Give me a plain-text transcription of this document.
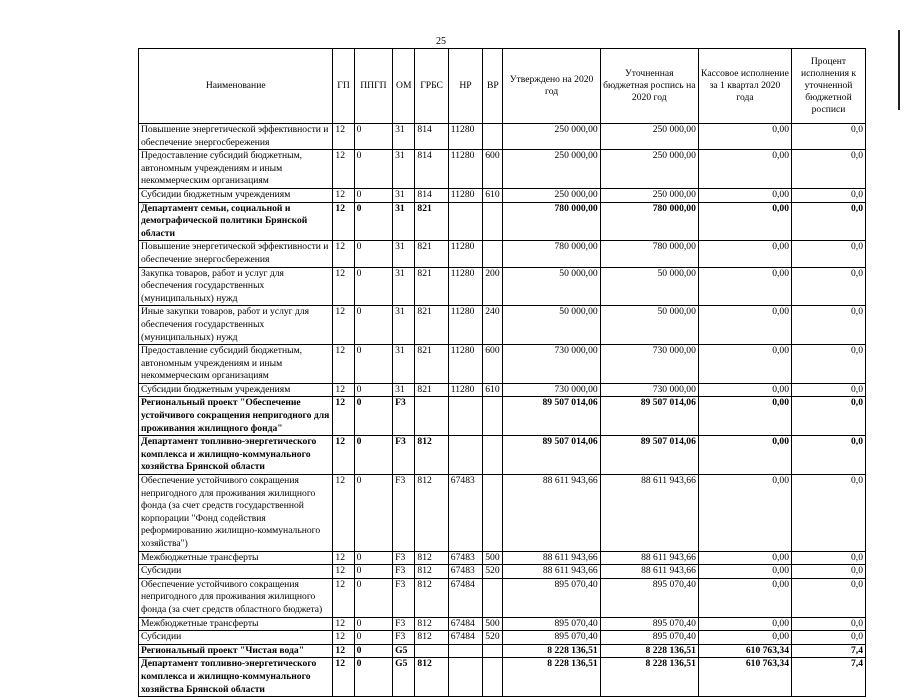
25
Наименование	ГП	ППГП	ОМ	ГРБС	НР	ВР	Утверждено на 2020 год	Уточненная бюджетная роспись на 2020 год	Кассовое исполнение за 1 квартал 2020 года	Процент исполнения к уточненной бюджетной росписи
Повышение энергетической эффективности и обеспечение энергосбережения	12	0	31	814	11280		250 000,00	250 000,00	0,00	0,0
Предоставление субсидий бюджетным, автономным учреждениям и иным некоммерческим организациям	12	0	31	814	11280	600	250 000,00	250 000,00	0,00	0,0
Субсидии бюджетным учреждениям	12	0	31	814	11280	610	250 000,00	250 000,00	0,00	0,0
Департамент семьи, социальной и демографической политики Брянской области	12	0	31	821			780 000,00	780 000,00	0,00	0,0
Повышение энергетической эффективности и обеспечение энергосбережения	12	0	31	821	11280		780 000,00	780 000,00	0,00	0,0
Закупка товаров, работ и услуг для обеспечения государственных (муниципальных) нужд	12	0	31	821	11280	200	50 000,00	50 000,00	0,00	0,0
Иные закупки товаров, работ и услуг для обеспечения государственных (муниципальных) нужд	12	0	31	821	11280	240	50 000,00	50 000,00	0,00	0,0
Предоставление субсидий бюджетным, автономным учреждениям и иным некоммерческим организациям	12	0	31	821	11280	600	730 000,00	730 000,00	0,00	0,0
Субсидии бюджетным учреждениям	12	0	31	821	11280	610	730 000,00	730 000,00	0,00	0,0
Региональный проект "Обеспечение устойчивого сокращения непригодного для проживания жилищного фонда"	12	0	F3				89 507 014,06	89 507 014,06	0,00	0,0
Департамент топливно-энергетического комплекса и жилищно-коммунального хозяйства Брянской области	12	0	F3	812			89 507 014,06	89 507 014,06	0,00	0,0
Обеспечение устойчивого сокращения непригодного для проживания жилищного фонда (за счет средств государственной корпорации "Фонд содействия реформированию жилищно-коммунального хозяйства")	12	0	F3	812	67483		88 611 943,66	88 611 943,66	0,00	0,0
Межбюджетные трансферты	12	0	F3	812	67483	500	88 611 943,66	88 611 943,66	0,00	0,0
Субсидии	12	0	F3	812	67483	520	88 611 943,66	88 611 943,66	0,00	0,0
Обеспечение устойчивого сокращения непригодного для проживания жилищного фонда (за счет средств областного бюджета)	12	0	F3	812	67484		895 070,40	895 070,40	0,00	0,0
Межбюджетные трансферты	12	0	F3	812	67484	500	895 070,40	895 070,40	0,00	0,0
Субсидии	12	0	F3	812	67484	520	895 070,40	895 070,40	0,00	0,0
Региональный проект "Чистая вода"	12	0	G5				8 228 136,51	8 228 136,51	610 763,34	7,4
Департамент топливно-энергетического комплекса и жилищно-коммунального хозяйства Брянской области	12	0	G5	812			8 228 136,51	8 228 136,51	610 763,34	7,4
